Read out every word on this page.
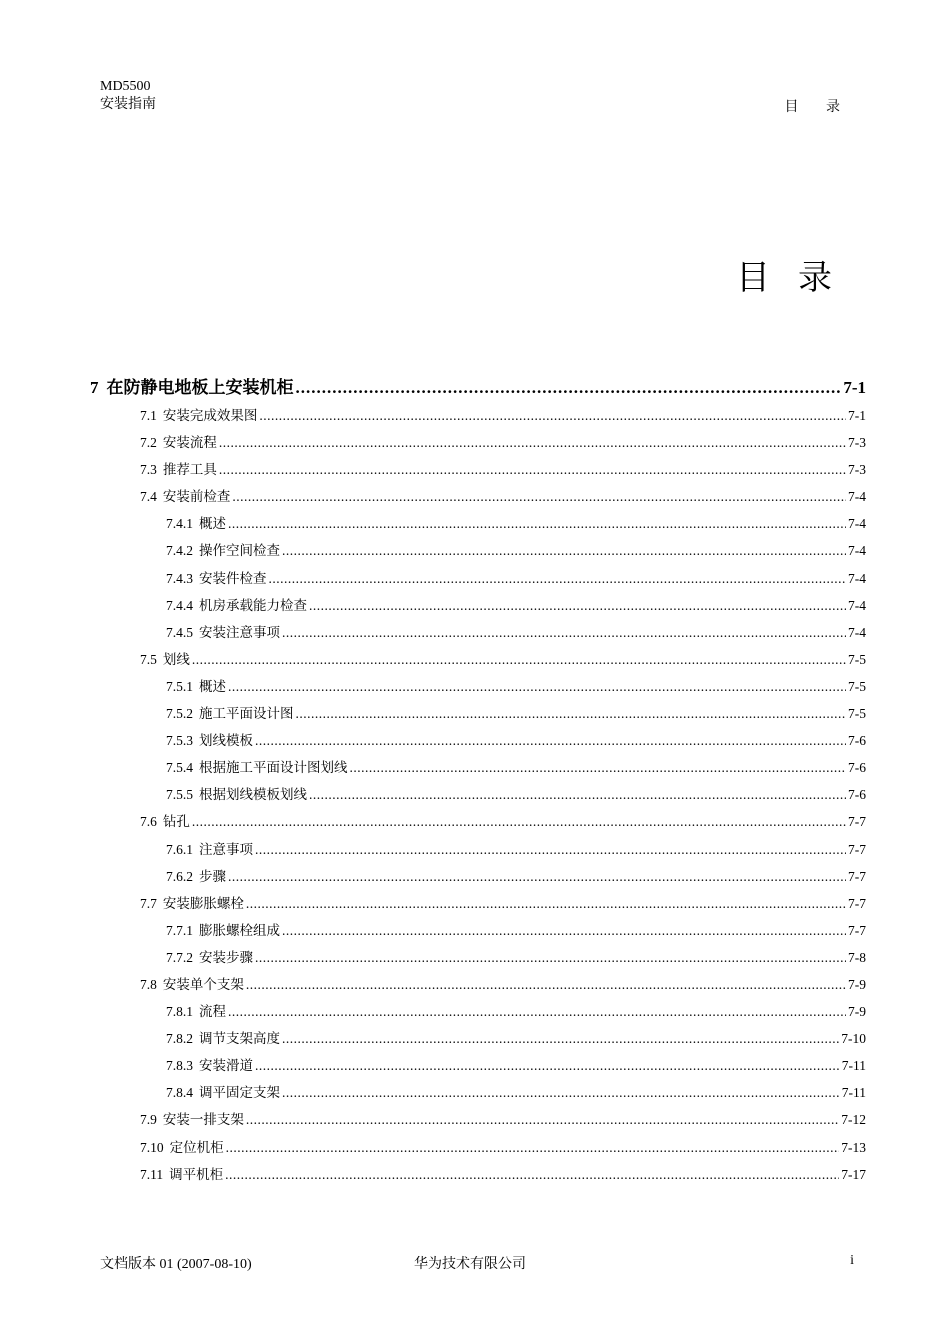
MD5500
安装指南	目 录
目录
7 在防静电地板上安装机柜 .....	7-1
7.1 安装完成效果图 .....	7-1
7.2 安装流程 .....	7-3
7.3 推荐工具 .....	7-3
7.4 安装前检查 .....	7-4
7.4.1 概述 .....	7-4
7.4.2 操作空间检查 .....	7-4
7.4.3 安装件检查 .....	7-4
7.4.4 机房承载能力检查 .....	7-4
7.4.5 安装注意事项 .....	7-4
7.5 划线 .....	7-5
7.5.1 概述 .....	7-5
7.5.2 施工平面设计图 .....	7-5
7.5.3 划线模板 .....	7-6
7.5.4 根据施工平面设计图划线 .....	7-6
7.5.5 根据划线模板划线 .....	7-6
7.6 钻孔 .....	7-7
7.6.1 注意事项 .....	7-7
7.6.2 步骤 .....	7-7
7.7 安装膨胀螺栓 .....	7-7
7.7.1 膨胀螺栓组成 .....	7-7
7.7.2 安装步骤 .....	7-8
7.8 安装单个支架 .....	7-9
7.8.1 流程 .....	7-9
7.8.2 调节支架高度 .....	7-10
7.8.3 安装滑道 .....	7-11
7.8.4 调平固定支架 .....	7-11
7.9 安装一排支架 .....	7-12
7.10 定位机柜 .....	7-13
7.11 调平机柜 .....	7-17
文档版本 01 (2007-08-10)	华为技术有限公司	i
